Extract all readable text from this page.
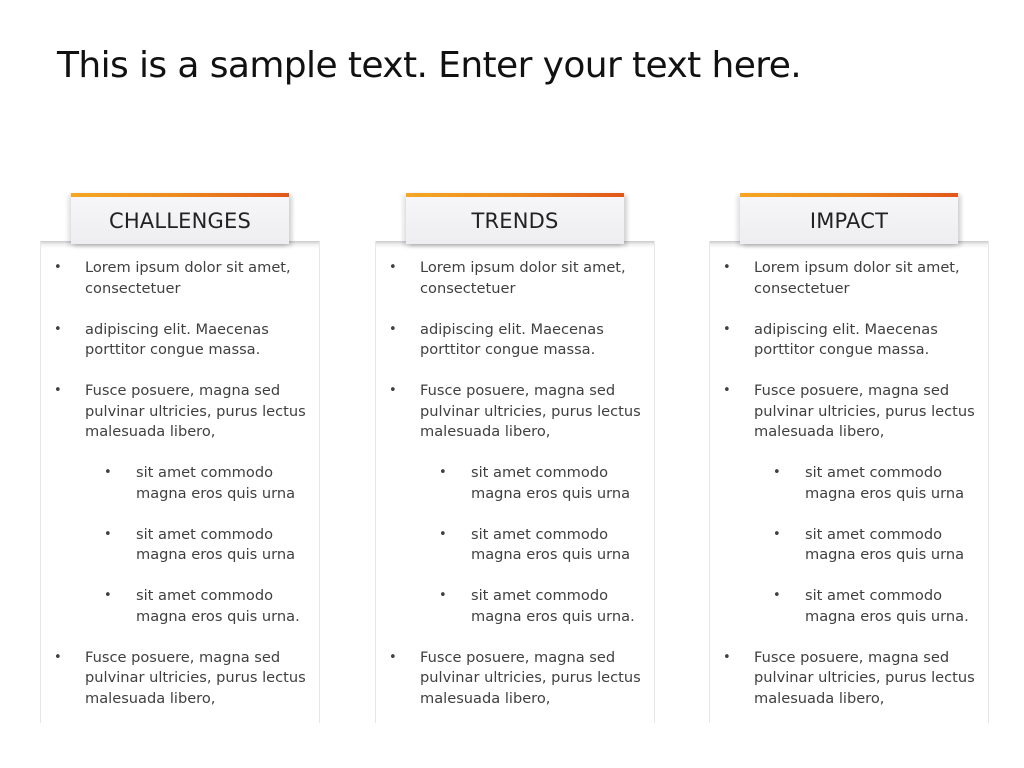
This is a sample text. Enter your text here.
CHALLENGES
• Lorem ipsum dolor sit amet, consectetuer
• adipiscing elit. Maecenas porttitor congue massa.
• Fusce posuere, magna sed pulvinar ultricies, purus lectus malesuada libero,
• sit amet commodo magna eros quis urna
• sit amet commodo magna eros quis urna
• sit amet commodo magna eros quis urna.
• Fusce posuere, magna sed pulvinar ultricies, purus lectus malesuada libero,
TRENDS
• Lorem ipsum dolor sit amet, consectetuer
• adipiscing elit. Maecenas porttitor congue massa.
• Fusce posuere, magna sed pulvinar ultricies, purus lectus malesuada libero,
• sit amet commodo magna eros quis urna
• sit amet commodo magna eros quis urna
• sit amet commodo magna eros quis urna.
• Fusce posuere, magna sed pulvinar ultricies, purus lectus malesuada libero,
IMPACT
• Lorem ipsum dolor sit amet, consectetuer
• adipiscing elit. Maecenas porttitor congue massa.
• Fusce posuere, magna sed pulvinar ultricies, purus lectus malesuada libero,
• sit amet commodo magna eros quis urna
• sit amet commodo magna eros quis urna
• sit amet commodo magna eros quis urna.
• Fusce posuere, magna sed pulvinar ultricies, purus lectus malesuada libero,
